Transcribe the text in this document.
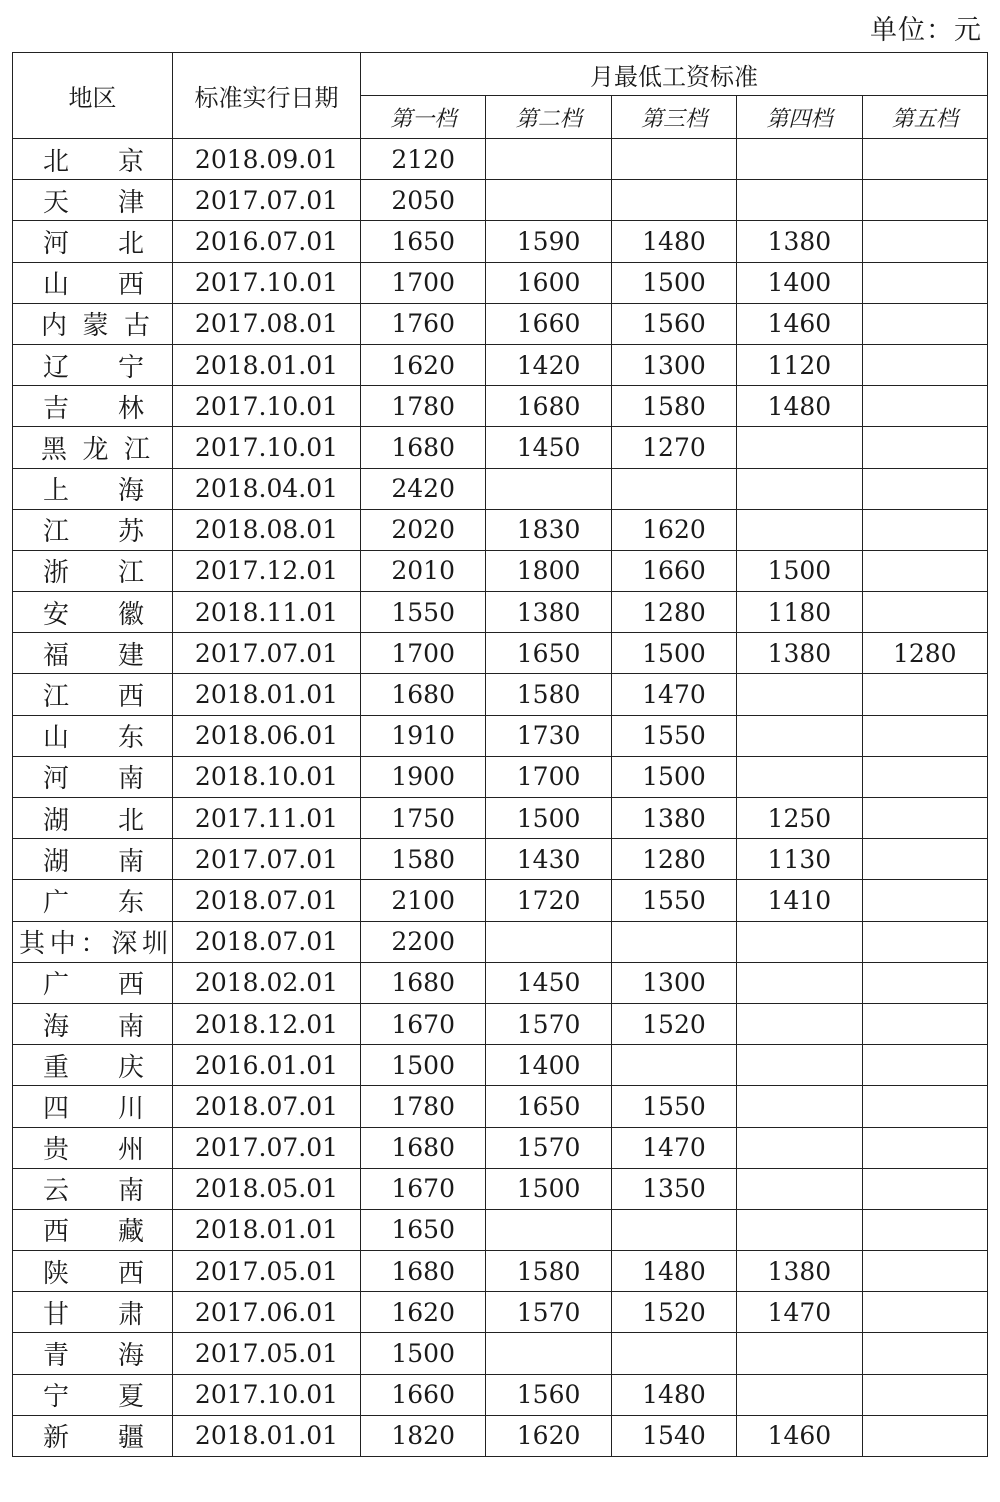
单位：元
地区	标准实行日期	月最低工资标准				
		第一档	第二档	第三档	第四档	第五档
北 京	2018.09.01	2120				
天 津	2017.07.01	2050				
河 北	2016.07.01	1650	1590	1480	1380	
山 西	2017.10.01	1700	1600	1500	1400	
内蒙古	2017.08.01	1760	1660	1560	1460	
辽 宁	2018.01.01	1620	1420	1300	1120	
吉 林	2017.10.01	1780	1680	1580	1480	
黑龙江	2017.10.01	1680	1450	1270		
上 海	2018.04.01	2420				
江 苏	2018.08.01	2020	1830	1620		
浙 江	2017.12.01	2010	1800	1660	1500	
安 徽	2018.11.01	1550	1380	1280	1180	
福 建	2017.07.01	1700	1650	1500	1380	1280
江 西	2018.01.01	1680	1580	1470		
山 东	2018.06.01	1910	1730	1550		
河 南	2018.10.01	1900	1700	1500		
湖 北	2017.11.01	1750	1500	1380	1250	
湖 南	2017.07.01	1580	1430	1280	1130	
广 东	2018.07.01	2100	1720	1550	1410	
其中：深圳	2018.07.01	2200				
广 西	2018.02.01	1680	1450	1300		
海 南	2018.12.01	1670	1570	1520		
重 庆	2016.01.01	1500	1400			
四 川	2018.07.01	1780	1650	1550		
贵 州	2017.07.01	1680	1570	1470		
云 南	2018.05.01	1670	1500	1350		
西 藏	2018.01.01	1650				
陕 西	2017.05.01	1680	1580	1480	1380	
甘 肃	2017.06.01	1620	1570	1520	1470	
青 海	2017.05.01	1500				
宁 夏	2017.10.01	1660	1560	1480		
新 疆	2018.01.01	1820	1620	1540	1460	
